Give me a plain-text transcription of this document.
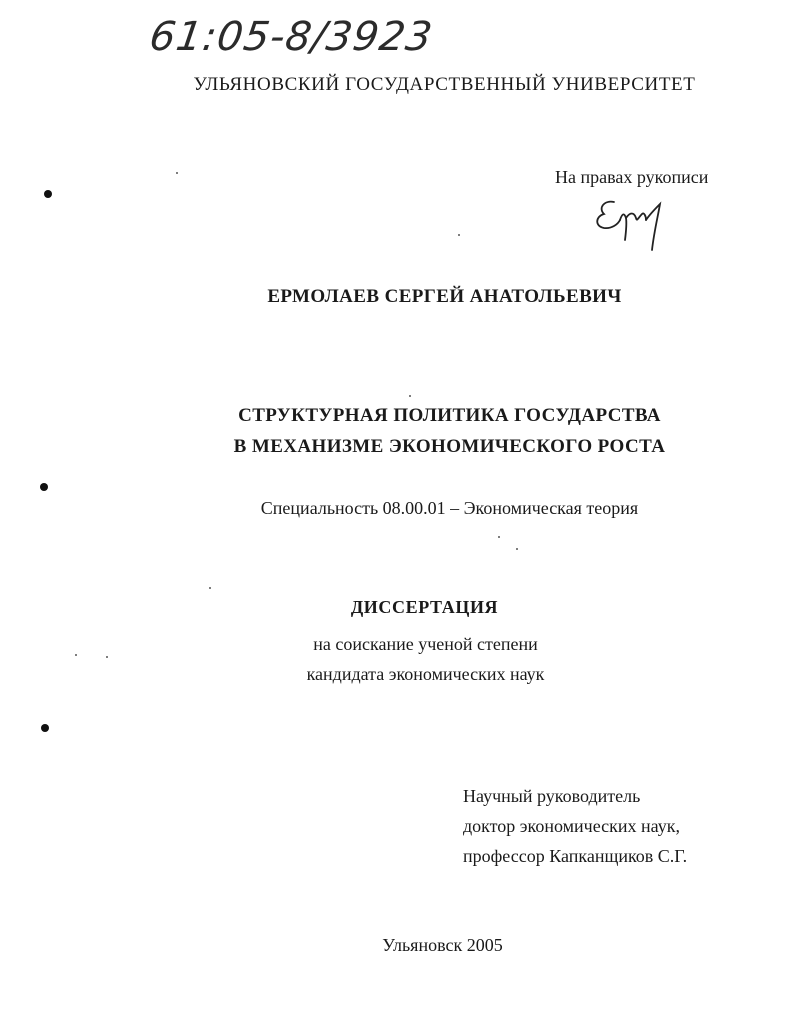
61:05-8/3923
УЛЬЯНОВСКИЙ ГОСУДАРСТВЕННЫЙ УНИВЕРСИТЕТ
На правах рукописи
ЕРМОЛАЕВ СЕРГЕЙ АНАТОЛЬЕВИЧ
СТРУКТУРНАЯ ПОЛИТИКА ГОСУДАРСТВА
В МЕХАНИЗМЕ ЭКОНОМИЧЕСКОГО РОСТА
Специальность 08.00.01 – Экономическая теория
ДИССЕРТАЦИЯ
на соискание ученой степени
кандидата экономических наук
Научный руководитель
доктор экономических наук,
профессор Капканщиков С.Г.
Ульяновск 2005
